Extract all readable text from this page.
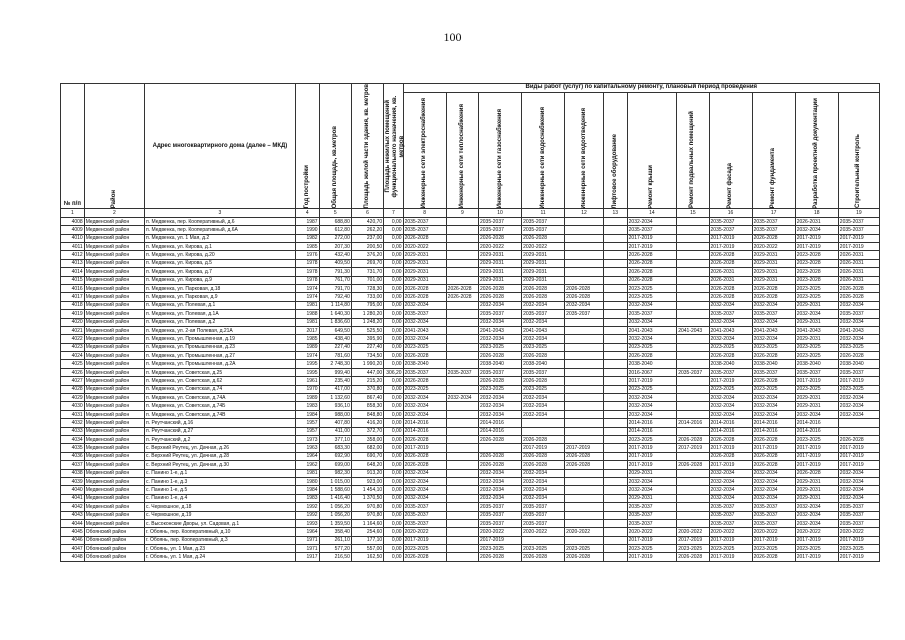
100
№ п/п	Район	Адрес многоквартирного дома (далее – МКД)	Год постройки	Общая площадь, кв.метров	Площадь жилой части здания, кв. метров	Площадь нежилых помещений функционального назначения, кв. метров	Виды работ (услуг) по капитальному ремонту, плановый период проведения											

							Инженерные сети электроснабжения	Инженерные сети теплоснабжения	Инженерные сети газоснабжения	Инженерные сети водоснабжения	Инженерные сети водоотведения	Лифтовое оборудование	Ремонт крыши	Ремонт подвальных помещений	Ремонт фасада	Ремонт фундамента	Разработка проектной документации	Строительный контроль

1	2	3	4	5	6	7	8	9	10	11	12	13	14	15	16	17	18	19
4008	Медвенский район	п. Медвенка, пер. Кооперативный, д.6	1987	688,80	420,70	0,00	2035-2037		2035-2037	2035-2037			2032-2034		2035-2037	2035-2037	2026-2031	2035-2037
4009	Медвенский район	п. Медвенка, пер. Кооперативный, д.6А	1990	612,80	262,20	0,00	2035-2037		2035-2037	2035-2037			2035-2037		2035-2037	2035-2037	2032-2034	2035-2037
4010	Медвенский район	п. Медвенка, ул. 1 Мая, д.2	1982	272,00	237,00	0,00	2026-2028		2026-2028	2026-2028			2017-2019		2017-2019	2026-2028	2017-2019	2017-2019
4011	Медвенский район	п. Медвенка, ул. Кирова, д.1	1985	207,30	200,50	0,00	2020-2022		2020-2022	2020-2022			2017-2019		2017-2019	2020-2022	2017-2019	2017-2019
4012	Медвенский район	п. Медвенка, ул. Кирова, д.20	1976	432,40	376,20	0,00	2029-2031		2029-2031	2029-2031			2026-2028		2026-2028	2029-2031	2023-2028	2026-2031
4013	Медвенский район	п. Медвенка, ул. Кирова, д.5	1978	409,50	269,70	0,00	2029-2031		2029-2031	2029-2031			2026-2028		2026-2028	2029-2031	2023-2028	2026-2031
4014	Медвенский район	п. Медвенка, ул. Кирова, д.7	1978	791,30	731,70	0,00	2029-2031		2029-2031	2029-2031			2026-2028		2026-2031	2029-2031	2023-2028	2026-2031
4015	Медвенский район	п. Медвенка, ул. Кирова, д.9	1978	761,70	701,00	0,00	2029-2031		2029-2031	2029-2031			2026-2028		2026-2031	2029-2031	2023-2028	2026-2031
4016	Медвенский район	п. Медвенка, ул. Парковая, д.18	1974	791,70	728,30	0,00	2026-2028	2026-2028	2026-2028	2026-2028	2026-2028		2023-2025		2026-2028	2026-2028	2023-2025	2026-2028
4017	Медвенский район	п. Медвенка, ул. Парковая, д.9	1974	792,40	733,00	0,00	2026-2028	2026-2028	2026-2028	2026-2028	2026-2028		2023-2025		2026-2028	2026-2028	2023-2025	2026-2028
4018	Медвенский район	п. Медвенка, ул. Полевая, д.1	1981	1 114,80	795,00	0,00	2032-2034		2032-2034	2032-2034	2032-2034		2032-2034		2032-2034	2032-2034	2029-2031	2032-2034
4019	Медвенский район	п. Медвенка, ул. Полевая, д.1А	1988	1 640,30	1 280,20	0,00	2035-2037		2035-2037	2035-2037	2035-2037		2035-2037		2035-2037	2035-2037	2032-2034	2035-2037
4020	Медвенский район	п. Медвенка, ул. Полевая, д.2	1981	1 836,60	1 248,20	0,00	2032-2034		2032-2034	2032-2034			2032-2034		2032-2034	2032-2034	2029-2031	2032-2034
4021	Медвенский район	п. Медвенка, ул. 2-ая Полевая, д.21А	2017	649,50	525,50	0,00	2041-2043		2041-2043	2041-2043			2041-2043	2041-2043	2041-2043	2041-2043	2041-2043	2041-2043
4022	Медвенский район	п. Медвенка, ул. Промышленная, д.19	1985	438,40	395,90	0,00	2032-2034		2032-2034	2032-2034			2032-2034		2032-2034	2032-2034	2029-2031	2032-2034
4023	Медвенский район	п. Медвенка, ул. Промышленная, д.23	1989	227,40	227,40	0,00	2023-2025		2023-2025	2023-2025			2023-2025		2023-2025	2023-2025	2023-2025	2023-2025
4024	Медвенский район	п. Медвенка, ул. Промышленная, д.27	1974	781,60	734,50	0,00	2026-2028		2026-2028	2026-2028			2026-2028		2026-2028	2026-2028	2023-2025	2026-2028
4025	Медвенский район	п. Медвенка, ул. Промышленная, д.2А	1995	2 748,30	1 990,20	0,00	2038-2040		2038-2040	2038-2040			2038-2040		2038-2040	2038-2040	2038-2040	2038-2040
4026	Медвенский район	п. Медвенка, ул. Советская, д.25	1995	999,40	447,00	306,20	2035-2037	2035-2037	2035-2037	2035-2037			2016-2067	2035-2037	2035-2037	2035-2037	2035-2037	2035-2037
4027	Медвенский район	п. Медвенка, ул. Советская, д.62	1961	235,40	215,20	0,00	2026-2028		2026-2028	2026-2028			2017-2019		2017-2019	2026-2028	2017-2019	2017-2019
4028	Медвенский район	п. Медвенка, ул. Советская, д.74	1970	417,00	370,80	0,00	2023-2025		2023-2025	2023-2025			2023-2025		2023-2025	2023-2025	2023-2025	2023-2025
4029	Медвенский район	п. Медвенка, ул. Советская, д.74А	1989	1 132,60	867,40	0,00	2032-2034	2032-2034	2032-2034	2032-2034			2032-2034		2032-2034	2032-2034	2029-2031	2032-2034
4030	Медвенский район	п. Медвенка, ул. Советская, д.74Б	1983	936,10	858,30	0,00	2032-2034		2032-2034	2032-2034			2032-2034		2032-2034	2032-2034	2029-2031	2032-2034
4031	Медвенский район	п. Медвенка, ул. Советская, д.74В	1984	988,00	848,80	0,00	2032-2034		2032-2034	2032-2034			2032-2034		2032-2034	2032-2034	2032-2034	2032-2034
4032	Медвенский район	п. Реутчанский, д.16	1957	407,80	416,20	0,00	2014-2016		2014-2016				2014-2016	2014-2016	2014-2016	2014-2016	2014-2016	
4033	Медвенский район	п. Реутчанский, д.27	1957	411,00	372,70	0,00	2014-2016		2014-2016				2014-2016		2014-2016	2014-2016	2014-2016	
4034	Медвенский район	п. Реутчанский, д.2	1973	377,10	358,00	0,00	2026-2028		2026-2028	2026-2028			2023-2025	2026-2028	2026-2028	2026-2028	2023-2025	2026-2028
4035	Медвенский район	с. Верхний Реутец, ул. Дачная, д.26	1963	683,30	682,00	0,00	2017-2019			2017-2019	2017-2019		2017-2019	2017-2019	2017-2019	2017-2019	2017-2019	2017-2019
4036	Медвенский район	с. Верхний Реутец, ул. Дачная, д.28	1964	692,90	690,70	0,00	2026-2028		2026-2028	2026-2028	2026-2028		2017-2019		2026-2028	2026-2028	2017-2019	2017-2019
4037	Медвенский район	с. Верхний Реутец, ул. Дачная, д.30	1962	699,00	648,20	0,00	2026-2028		2026-2028	2026-2028	2026-2028		2017-2019	2026-2028	2017-2019	2026-2028	2017-2019	2017-2019
4038	Медвенский район	с. Панино 1-е, д.1	1981	982,30	913,20	0,00	2032-2034		2032-2034	2032-2034			2029-2031		2032-2034	2032-2034	2026-2028	2032-2034
4039	Медвенский район	с. Панино 1-е, д.3	1980	1 015,00	923,00	0,00	2032-2034		2032-2034	2032-2034			2032-2034		2032-2034	2032-2034	2029-2031	2032-2034
4040	Медвенский район	с. Панино 1-е, д.5	1984	1 588,60	1 454,10	0,00	2032-2034		2032-2034	2032-2034			2032-2034		2032-2034	2032-2034	2029-2031	2032-2034
4041	Медвенский район	с. Панино 1-е, д.4	1983	1 416,40	1 370,50	0,00	2032-2034		2032-2034	2032-2034			2029-2031		2032-2034	2032-2034	2029-2031	2032-2034
4042	Медвенский район	с. Чермошное, д.18	1992	1 056,20	970,80	0,00	2035-2037		2035-2037	2035-2037			2035-2037		2035-2037	2035-2037	2032-2034	2035-2037
4043	Медвенский район	с. Чермошное, д.19	1992	1 056,20	970,80	0,00	2035-2037		2035-2037	2035-2037			2035-2037		2035-2037	2035-2037	2032-2034	2035-2037
4044	Медвенский район	с. Высоконские Дворы, ул. Садовая, д.1	1993	1 359,50	1 164,60	0,00	2035-2037		2035-2037	2035-2037			2035-2037		2035-2037	2035-2037	2032-2034	2035-2037
4045	Обоянский район	г. Обоянь, пер. Кооперативный, д.10	1964	358,40	254,60	0,00	2020-2022		2020-2022	2020-2022	2020-2022		2020-2022	2020-2022	2020-2022	2020-2022	2020-2022	2020-2022
4046	Обоянский район	г. Обоянь, пер. Кооперативный, д.3	1971	261,10	177,10	0,00	2017-2019		2017-2019				2017-2019	2017-2019	2017-2019	2017-2019	2017-2019	2017-2019
4047	Обоянский район	г. Обоянь, ул. 1 Мая, д.23	1971	577,20	557,00	0,00	2023-2025		2023-2025	2023-2025	2023-2025		2023-2025	2023-2025	2023-2025	2023-2025	2023-2025	2023-2025
4048	Обоянский район	г. Обоянь, ул. 1 Мая, д.24	1917	216,50	162,50	0,00	2026-2028		2026-2028	2026-2028	2026-2028		2017-2019	2026-2028	2017-2019	2026-2028	2017-2019	2017-2019
